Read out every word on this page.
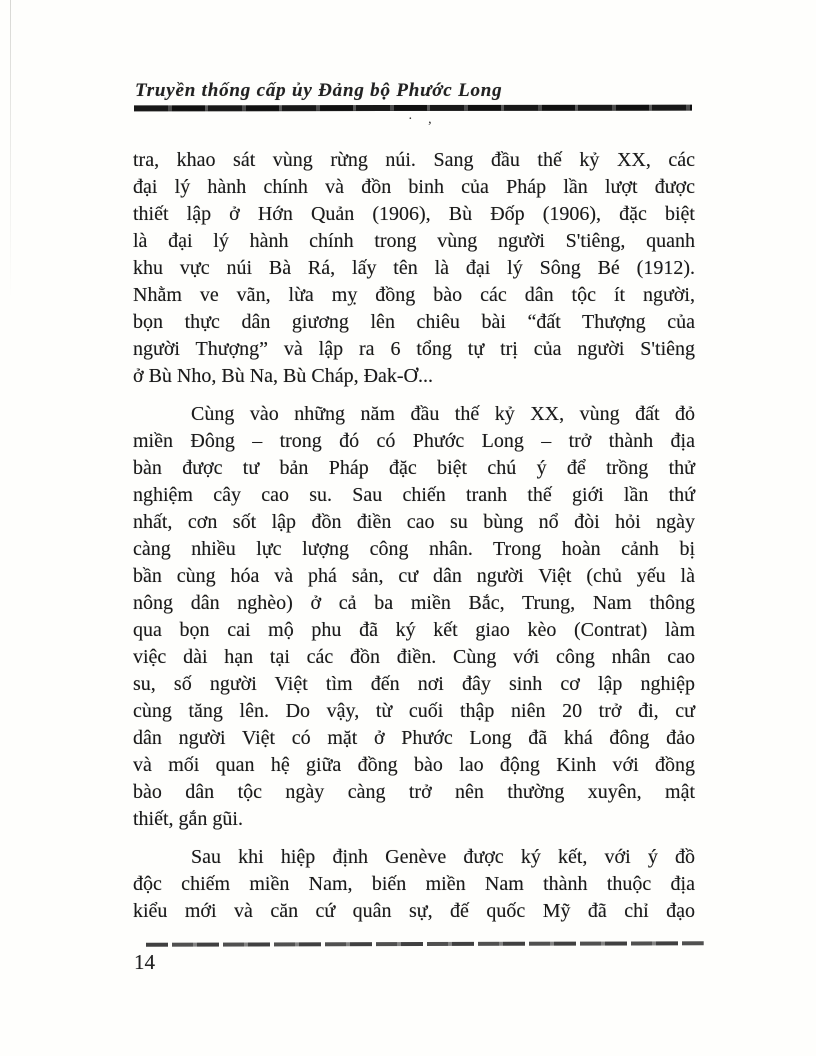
Truyền thống cấp ủy Đảng bộ Phước Long
· ,
tra, khao sát vùng rừng núi. Sang đầu thế kỷ XX, các
đại lý hành chính và đồn binh của Pháp lần lượt được
thiết lập ở Hớn Quản (1906), Bù Đốp (1906), đặc biệt
là đại lý hành chính trong vùng người S'tiêng, quanh
khu vực núi Bà Rá, lấy tên là đại lý Sông Bé (1912).
Nhằm ve vãn, lừa mỵ đồng bào các dân tộc ít người,
bọn thực dân giương lên chiêu bài “đất Thượng của
người Thượng” và lập ra 6 tổng tự trị của người S'tiêng
ở Bù Nho, Bù Na, Bù Cháp, Đak-Ơ...
Cùng vào những năm đầu thế kỷ XX, vùng đất đỏ
miền Đông – trong đó có Phước Long – trở thành địa
bàn được tư bản Pháp đặc biệt chú ý để trồng thử
nghiệm cây cao su. Sau chiến tranh thế giới lần thứ
nhất, cơn sốt lập đồn điền cao su bùng nổ đòi hỏi ngày
càng nhiều lực lượng công nhân. Trong hoàn cảnh bị
bần cùng hóa và phá sản, cư dân người Việt (chủ yếu là
nông dân nghèo) ở cả ba miền Bắc, Trung, Nam thông
qua bọn cai mộ phu đã ký kết giao kèo (Contrat) làm
việc dài hạn tại các đồn điền. Cùng với công nhân cao
su, số người Việt tìm đến nơi đây sinh cơ lập nghiệp
cùng tăng lên. Do vậy, từ cuối thập niên 20 trở đi, cư
dân người Việt có mặt ở Phước Long đã khá đông đảo
và mối quan hệ giữa đồng bào lao động Kinh với đồng
bào dân tộc ngày càng trở nên thường xuyên, mật
thiết, gắn gũi.
Sau khi hiệp định Genève được ký kết, với ý đồ
độc chiếm miền Nam, biến miền Nam thành thuộc địa
kiểu mới và căn cứ quân sự, đế quốc Mỹ đã chỉ đạo
14
